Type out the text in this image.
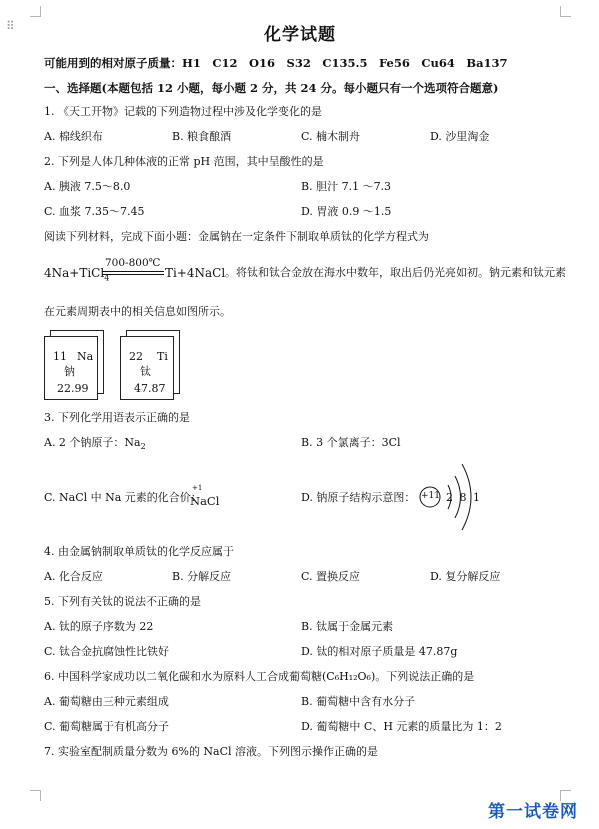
⠿	化学试题
可能用到的相对原子质量：H1　C12　O16　S32　C135.5　Fe56　Cu64　Ba137
一、选择题(本题包括 12 小题，每小题 2 分，共 24 分。每小题只有一个选项符合题意)
1. 《天工开物》记载的下列造物过程中涉及化学变化的是
A. 棉线织布	B. 粮食酿酒	C. 楠木制舟	D. 沙里淘金
2. 下列是人体几种体液的正常 pH 范围，其中呈酸性的是
A. 胰液 7.5～8.0	B. 胆汁 7.1 ～7.3
C. 血浆 7.35～7.45	D. 胃液 0.9 ～1.5
阅读下列材料，完成下面小题：金属钠在一定条件下制取单质钛的化学方程式为
4Na+TiCl$_4$
700-800℃
Ti+4NaCl 。将钛和钛合金放在海水中数年，取出后仍光亮如初。钠元素和钛元素
在元素周期表中的相关信息如图所示。
11 Na
钠
22.99
22 Ti
钛
47.87
3. 下列化学用语表示正确的是
A. 2 个钠原子：$Na_2$	B. 3 个氯离子：3Cl
C. NaCl 中 Na 元素的化合价：
+1
NaCl	D. 钠原子结构示意图： +11 2 8 1
4. 由金属钠制取单质钛的化学反应属于
A. 化合反应	B. 分解反应	C. 置换反应	D. 复分解反应
5. 下列有关钛的说法不正确的是
A. 钛的原子序数为 22	B. 钛属于金属元素
C. 钛合金抗腐蚀性比铁好	D. 钛的相对原子质量是 47.87g
6. 中国科学家成功以二氧化碳和水为原料人工合成葡萄糖(C₆H₁₂O₆)。下列说法正确的是
A. 葡萄糖由三种元素组成	B. 葡萄糖中含有水分子
C. 葡萄糖属于有机高分子	D. 葡萄糖中 C、H 元素的质量比为 1：2
7. 实验室配制质量分数为 6%的 NaCl 溶液。下列图示操作正确的是
第一试卷网
